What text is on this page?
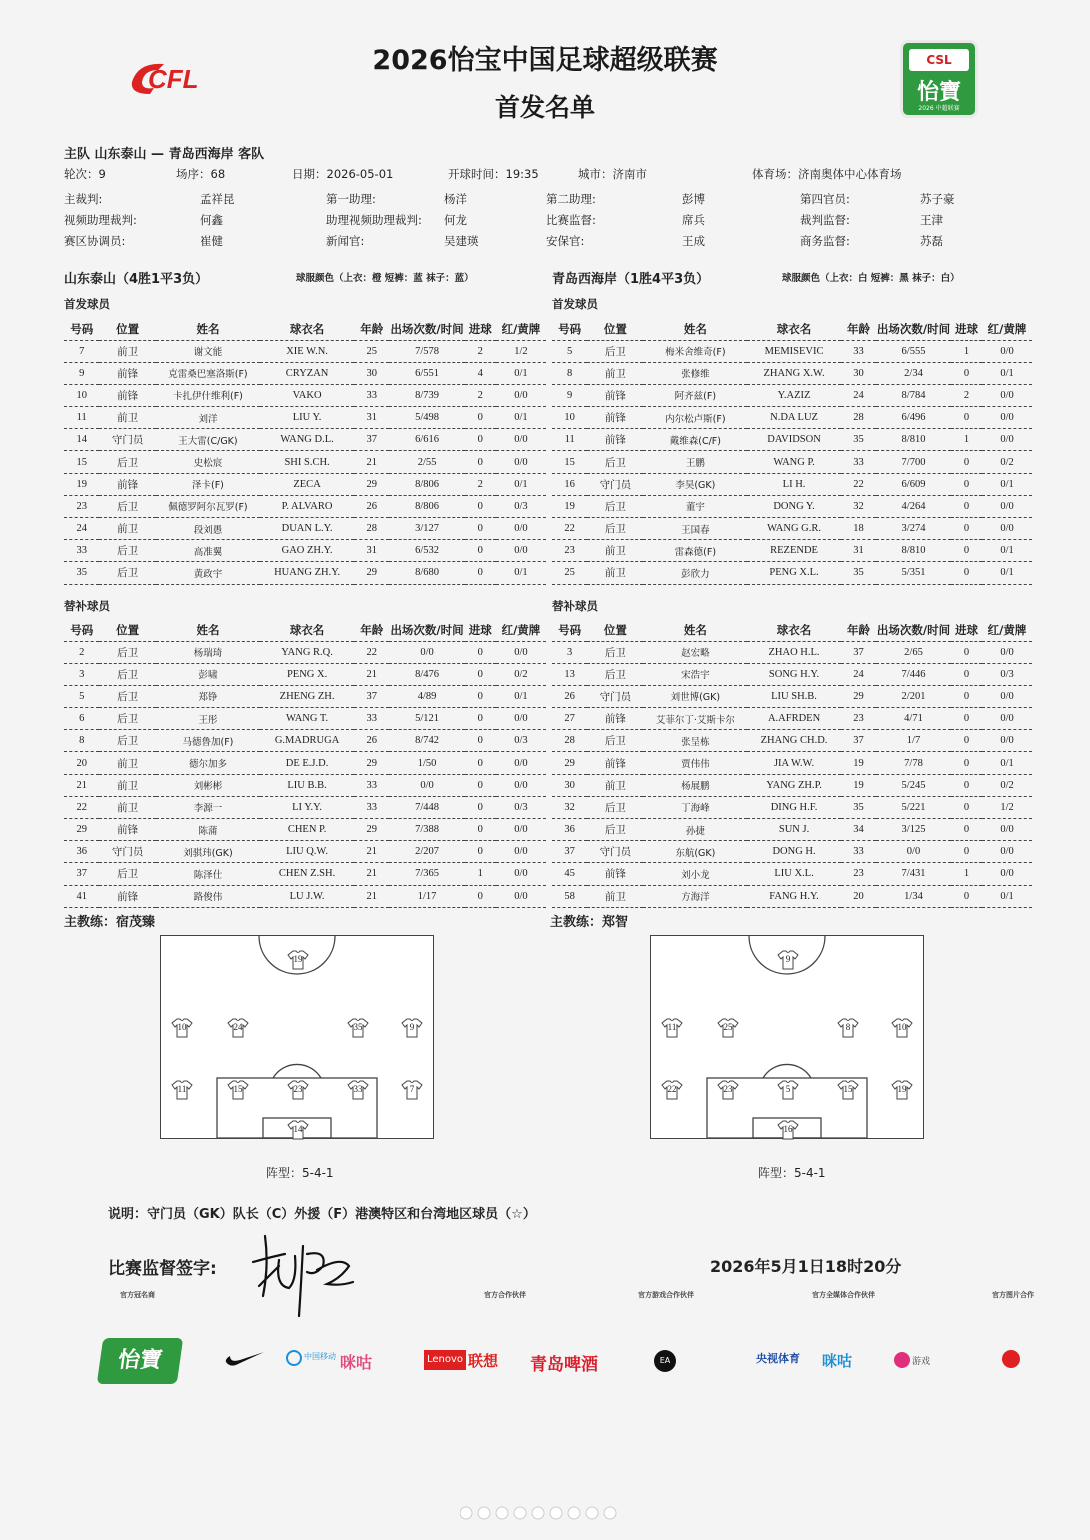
CFL
2026怡宝中国足球超级联赛
首发名单
CSL
怡寶
2026 中超联赛
主队 山东泰山 — 青岛西海岸 客队
轮次：9	场序：68	日期：2026-05-01	开球时间：19:35	城市：济南市	体育场：济南奥体中心体育场
主裁判:	孟祥昆	第一助理:	杨洋	第二助理:	彭博	第四官员:	苏子豪
视频助理裁判:	何鑫	助理视频助理裁判: 何龙	比赛监督:	席兵	裁判监督:	王津
赛区协调员:	崔健	新闻官:	吴建瑛	安保官:	王成	商务监督:	苏磊
山东泰山（4胜1平3负）	球服颜色（上衣：橙 短裤：蓝 袜子：蓝）	青岛西海岸（1胜4平3负）	球服颜色（上衣：白 短裤：黑 袜子：白）
首发球员	首发球员
替补球员	替补球员
号码	位置	姓名	球衣名	年龄	出场次数/时间	进球	红/黄牌
7	前卫	谢文能	XIE W.N.	25	7/578	2	1/2
9	前锋	克雷桑巴塞洛斯(F)	CRYZAN	30	6/551	4	0/1
10	前锋	卡扎伊什维利(F)	VAKO	33	8/739	2	0/0
11	前卫	刘洋	LIU Y.	31	5/498	0	0/1
14	守门员	王大雷(C/GK)	WANG D.L.	37	6/616	0	0/0
15	后卫	史松宸	SHI S.CH.	21	2/55	0	0/0
19	前锋	泽卡(F)	ZECA	29	8/806	2	0/1
23	后卫	佩德罗阿尔瓦罗(F)	P. ALVARO	26	8/806	0	0/3
24	前卫	段刘愚	DUAN L.Y.	28	3/127	0	0/0
33	后卫	高准翼	GAO ZH.Y.	31	6/532	0	0/0
35	后卫	黄政宇	HUANG ZH.Y.	29	8/680	0	0/1
号码	位置	姓名	球衣名	年龄	出场次数/时间	进球	红/黄牌
5	后卫	梅米舍维奇(F)	MEMISEVIC	33	6/555	1	0/0
8	前卫	张修维	ZHANG X.W.	30	2/34	0	0/1
9	前锋	阿齐兹(F)	Y.AZIZ	24	8/784	2	0/0
10	前锋	内尔松卢斯(F)	N.DA LUZ	28	6/496	0	0/0
11	前锋	戴维森(C/F)	DAVIDSON	35	8/810	1	0/0
15	后卫	王鹏	WANG P.	33	7/700	0	0/2
16	守门员	李昊(GK)	LI H.	22	6/609	0	0/1
19	后卫	董宇	DONG Y.	32	4/264	0	0/0
22	后卫	王国春	WANG G.R.	18	3/274	0	0/0
23	前卫	雷森德(F)	REZENDE	31	8/810	0	0/1
25	前卫	彭欣力	PENG X.L.	35	5/351	0	0/1
号码	位置	姓名	球衣名	年龄	出场次数/时间	进球	红/黄牌
2	后卫	杨瑞琦	YANG R.Q.	22	0/0	0	0/0
3	后卫	彭啸	PENG X.	21	8/476	0	0/2
5	后卫	郑铮	ZHENG ZH.	37	4/89	0	0/1
6	后卫	王彤	WANG T.	33	5/121	0	0/0
8	后卫	马德鲁加(F)	G.MADRUGA	26	8/742	0	0/3
20	前卫	德尔加多	DE E.J.D.	29	1/50	0	0/0
21	前卫	刘彬彬	LIU B.B.	33	0/0	0	0/0
22	前卫	李源一	LI Y.Y.	33	7/448	0	0/3
29	前锋	陈蒲	CHEN P.	29	7/388	0	0/0
36	守门员	刘骐玮(GK)	LIU Q.W.	21	2/207	0	0/0
37	后卫	陈泽仕	CHEN Z.SH.	21	7/365	1	0/0
41	前锋	路俊伟	LU J.W.	21	1/17	0	0/0
号码	位置	姓名	球衣名	年龄	出场次数/时间	进球	红/黄牌
3	后卫	赵宏略	ZHAO H.L.	37	2/65	0	0/0
13	后卫	宋浩宇	SONG H.Y.	24	7/446	0	0/3
26	守门员	刘世博(GK)	LIU SH.B.	29	2/201	0	0/0
27	前锋	艾菲尔丁·艾斯卡尔	A.AFRDEN	23	4/71	0	0/0
28	后卫	张呈栋	ZHANG CH.D.	37	1/7	0	0/0
29	前锋	贾伟伟	JIA W.W.	19	7/78	0	0/1
30	前卫	杨展鹏	YANG ZH.P.	19	5/245	0	0/2
32	后卫	丁海峰	DING H.F.	35	5/221	0	1/2
36	后卫	孙捷	SUN J.	34	3/125	0	0/0
37	守门员	东航(GK)	DONG H.	33	0/0	0	0/0
45	前锋	刘小龙	LIU X.L.	23	7/431	1	0/0
58	前卫	方海洋	FANG H.Y.	20	1/34	0	0/1
主教练：宿茂臻	主教练：郑智
19
10	24	35	9
11	15	23	33	7
14
9
11	25	8	10
22	23	5	15	19
16
阵型：5-4-1	阵型：5-4-1
说明：守门员（GK）队长（C）外援（F）港澳特区和台湾地区球员（☆）
比赛监督签字:	2026年5月1日18时20分
官方冠名商	官方合作伙伴	官方游戏合作伙伴	官方全媒体合作伙伴	官方图片合作
怡寶	中国移动 咪咕	Lenovo 联想 青岛啤酒	EA	央视体育 咪咕	游戏
